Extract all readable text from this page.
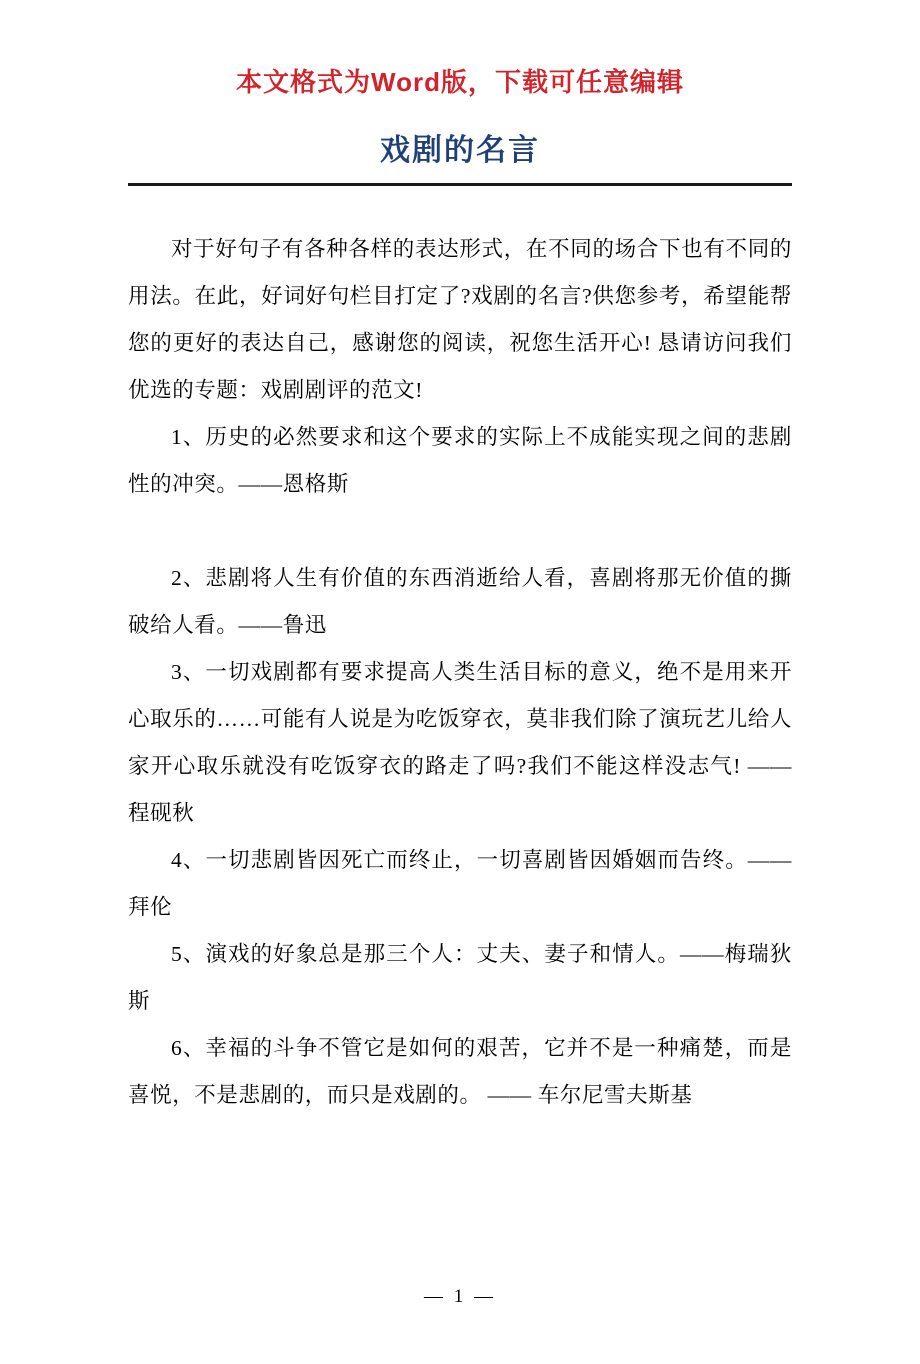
本文格式为Word版，下载可任意编辑
戏剧的名言

对于好句子有各种各样的表达形式，在不同的场合下也有不同的用法。在此，好词好句栏目打定了?戏剧的名言?供您参考，希望能帮您的更好的表达自己，感谢您的阅读，祝您生活开心! 恳请访问我们优选的专题：戏剧剧评的范文!

1、历史的必然要求和这个要求的实际上不成能实现之间的悲剧性的冲突。——恩格斯

2、悲剧将人生有价值的东西消逝给人看，喜剧将那无价值的撕破给人看。——鲁迅

3、一切戏剧都有要求提高人类生活目标的意义，绝不是用来开心取乐的……可能有人说是为吃饭穿衣，莫非我们除了演玩艺儿给人家开心取乐就没有吃饭穿衣的路走了吗?我们不能这样没志气! —— 程砚秋

4、一切悲剧皆因死亡而终止，一切喜剧皆因婚姻而告终。——拜伦

5、演戏的好象总是那三个人：丈夫、妻子和情人。——梅瑞狄斯

6、幸福的斗争不管它是如何的艰苦，它并不是一种痛楚，而是喜悦，不是悲剧的，而只是戏剧的。 —— 车尔尼雪夫斯基

— 1 —
